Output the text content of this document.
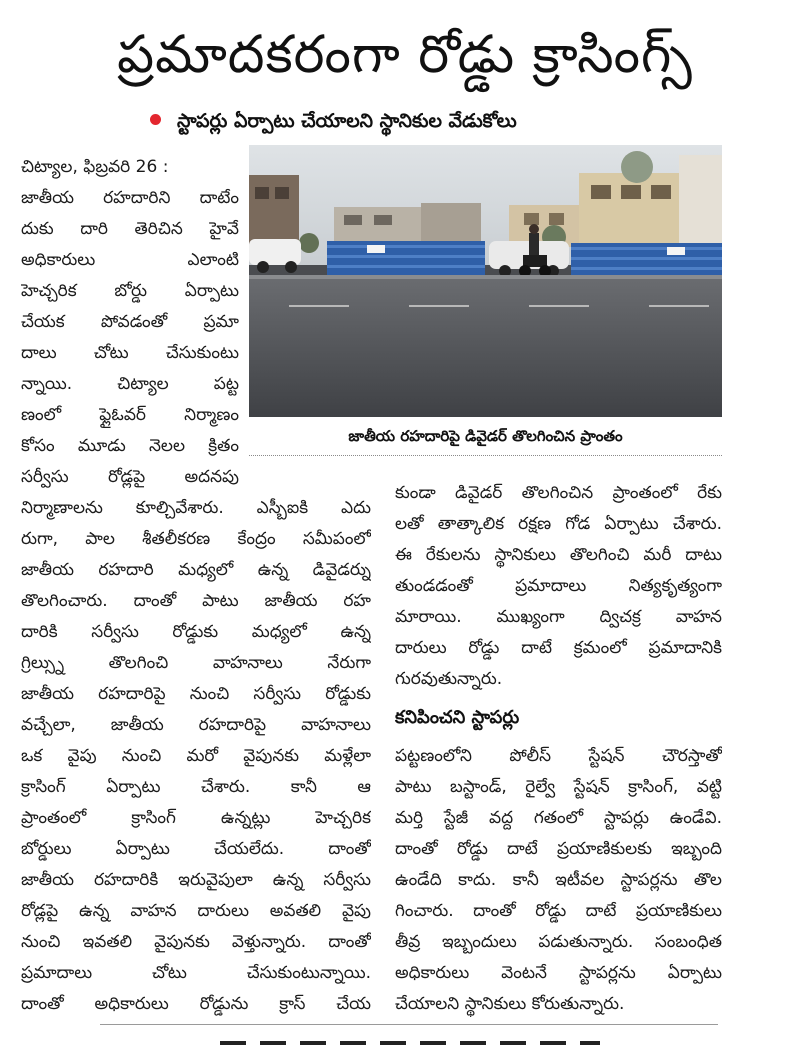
ప్రమాదకరంగా రోడ్డు క్రాసింగ్స్
స్టాపర్లు ఏర్పాటు చేయాలని స్థానికుల వేడుకోలు
జాతీయ రహదారిపై డివైడర్ తొలగించిన ప్రాంతం
చిట్యాల, ఫిబ్రవరి 26 :
జాతీయ రహదారిని దాటేం
దుకు దారి తెరిచిన హైవే
అధికారులు ఎలాంటి
హెచ్చరిక బోర్డు ఏర్పాటు
చేయక పోవడంతో ప్రమా
దాలు చోటు చేసుకుంటు
న్నాయి. చిట్యాల పట్ట
ణంలో ఫ్లైఓవర్ నిర్మాణం
కోసం మూడు నెలల క్రితం
సర్వీసు రోడ్లపై అదనపు
నిర్మాణాలను కూల్చివేశారు. ఎస్బీఐకి ఎదు
రుగా, పాల శీతలీకరణ కేంద్రం సమీపంలో
జాతీయ రహదారి మధ్యలో ఉన్న డివైడర్ను
తొలగించారు. దాంతో పాటు జాతీయ రహ
దారికి సర్వీసు రోడ్డుకు మధ్యలో ఉన్న
గ్రిల్స్ను తొలగించి వాహనాలు నేరుగా
జాతీయ రహదారిపై నుంచి సర్వీసు రోడ్డుకు
వచ్చేలా, జాతీయ రహదారిపై వాహనాలు
ఒక వైపు నుంచి మరో వైపునకు మళ్లేలా
క్రాసింగ్ ఏర్పాటు చేశారు. కానీ ఆ
ప్రాంతంలో క్రాసింగ్ ఉన్నట్లు హెచ్చరిక
బోర్డులు ఏర్పాటు చేయలేదు. దాంతో
జాతీయ రహదారికి ఇరువైపులా ఉన్న సర్వీసు
రోడ్లపై ఉన్న వాహన దారులు అవతలి వైపు
నుంచి ఇవతలి వైపునకు వెళ్తున్నారు. దాంతో
ప్రమాదాలు చోటు చేసుకుంటున్నాయి.
దాంతో అధికారులు రోడ్డును క్రాస్ చేయ
కుండా డివైడర్ తొలగించిన ప్రాంతంలో రేకు
లతో తాత్కాలిక రక్షణ గోడ ఏర్పాటు చేశారు.
ఈ రేకులను స్థానికులు తొలగించి మరీ దాటు
తుండడంతో ప్రమాదాలు నిత్యకృత్యంగా
మారాయి. ముఖ్యంగా ద్విచక్ర వాహన
దారులు రోడ్డు దాటే క్రమంలో ప్రమాదానికి
గురవుతున్నారు.
కనిపించని స్టాపర్లు
పట్టణంలోని పోలీస్ స్టేషన్ చౌరస్తాతో
పాటు బస్టాండ్, రైల్వే స్టేషన్ క్రాసింగ్, వట్టి
మర్తి స్టేజీ వద్ద గతంలో స్టాపర్లు ఉండేవి.
దాంతో రోడ్డు దాటే ప్రయాణికులకు ఇబ్బంది
ఉండేది కాదు. కానీ ఇటీవల స్టాపర్లను తొల
గించారు. దాంతో రోడ్డు దాటే ప్రయాణికులు
తీవ్ర ఇబ్బందులు పడుతున్నారు. సంబంధిత
అధికారులు వెంటనే స్టాపర్లను ఏర్పాటు
చేయాలని స్థానికులు కోరుతున్నారు.
